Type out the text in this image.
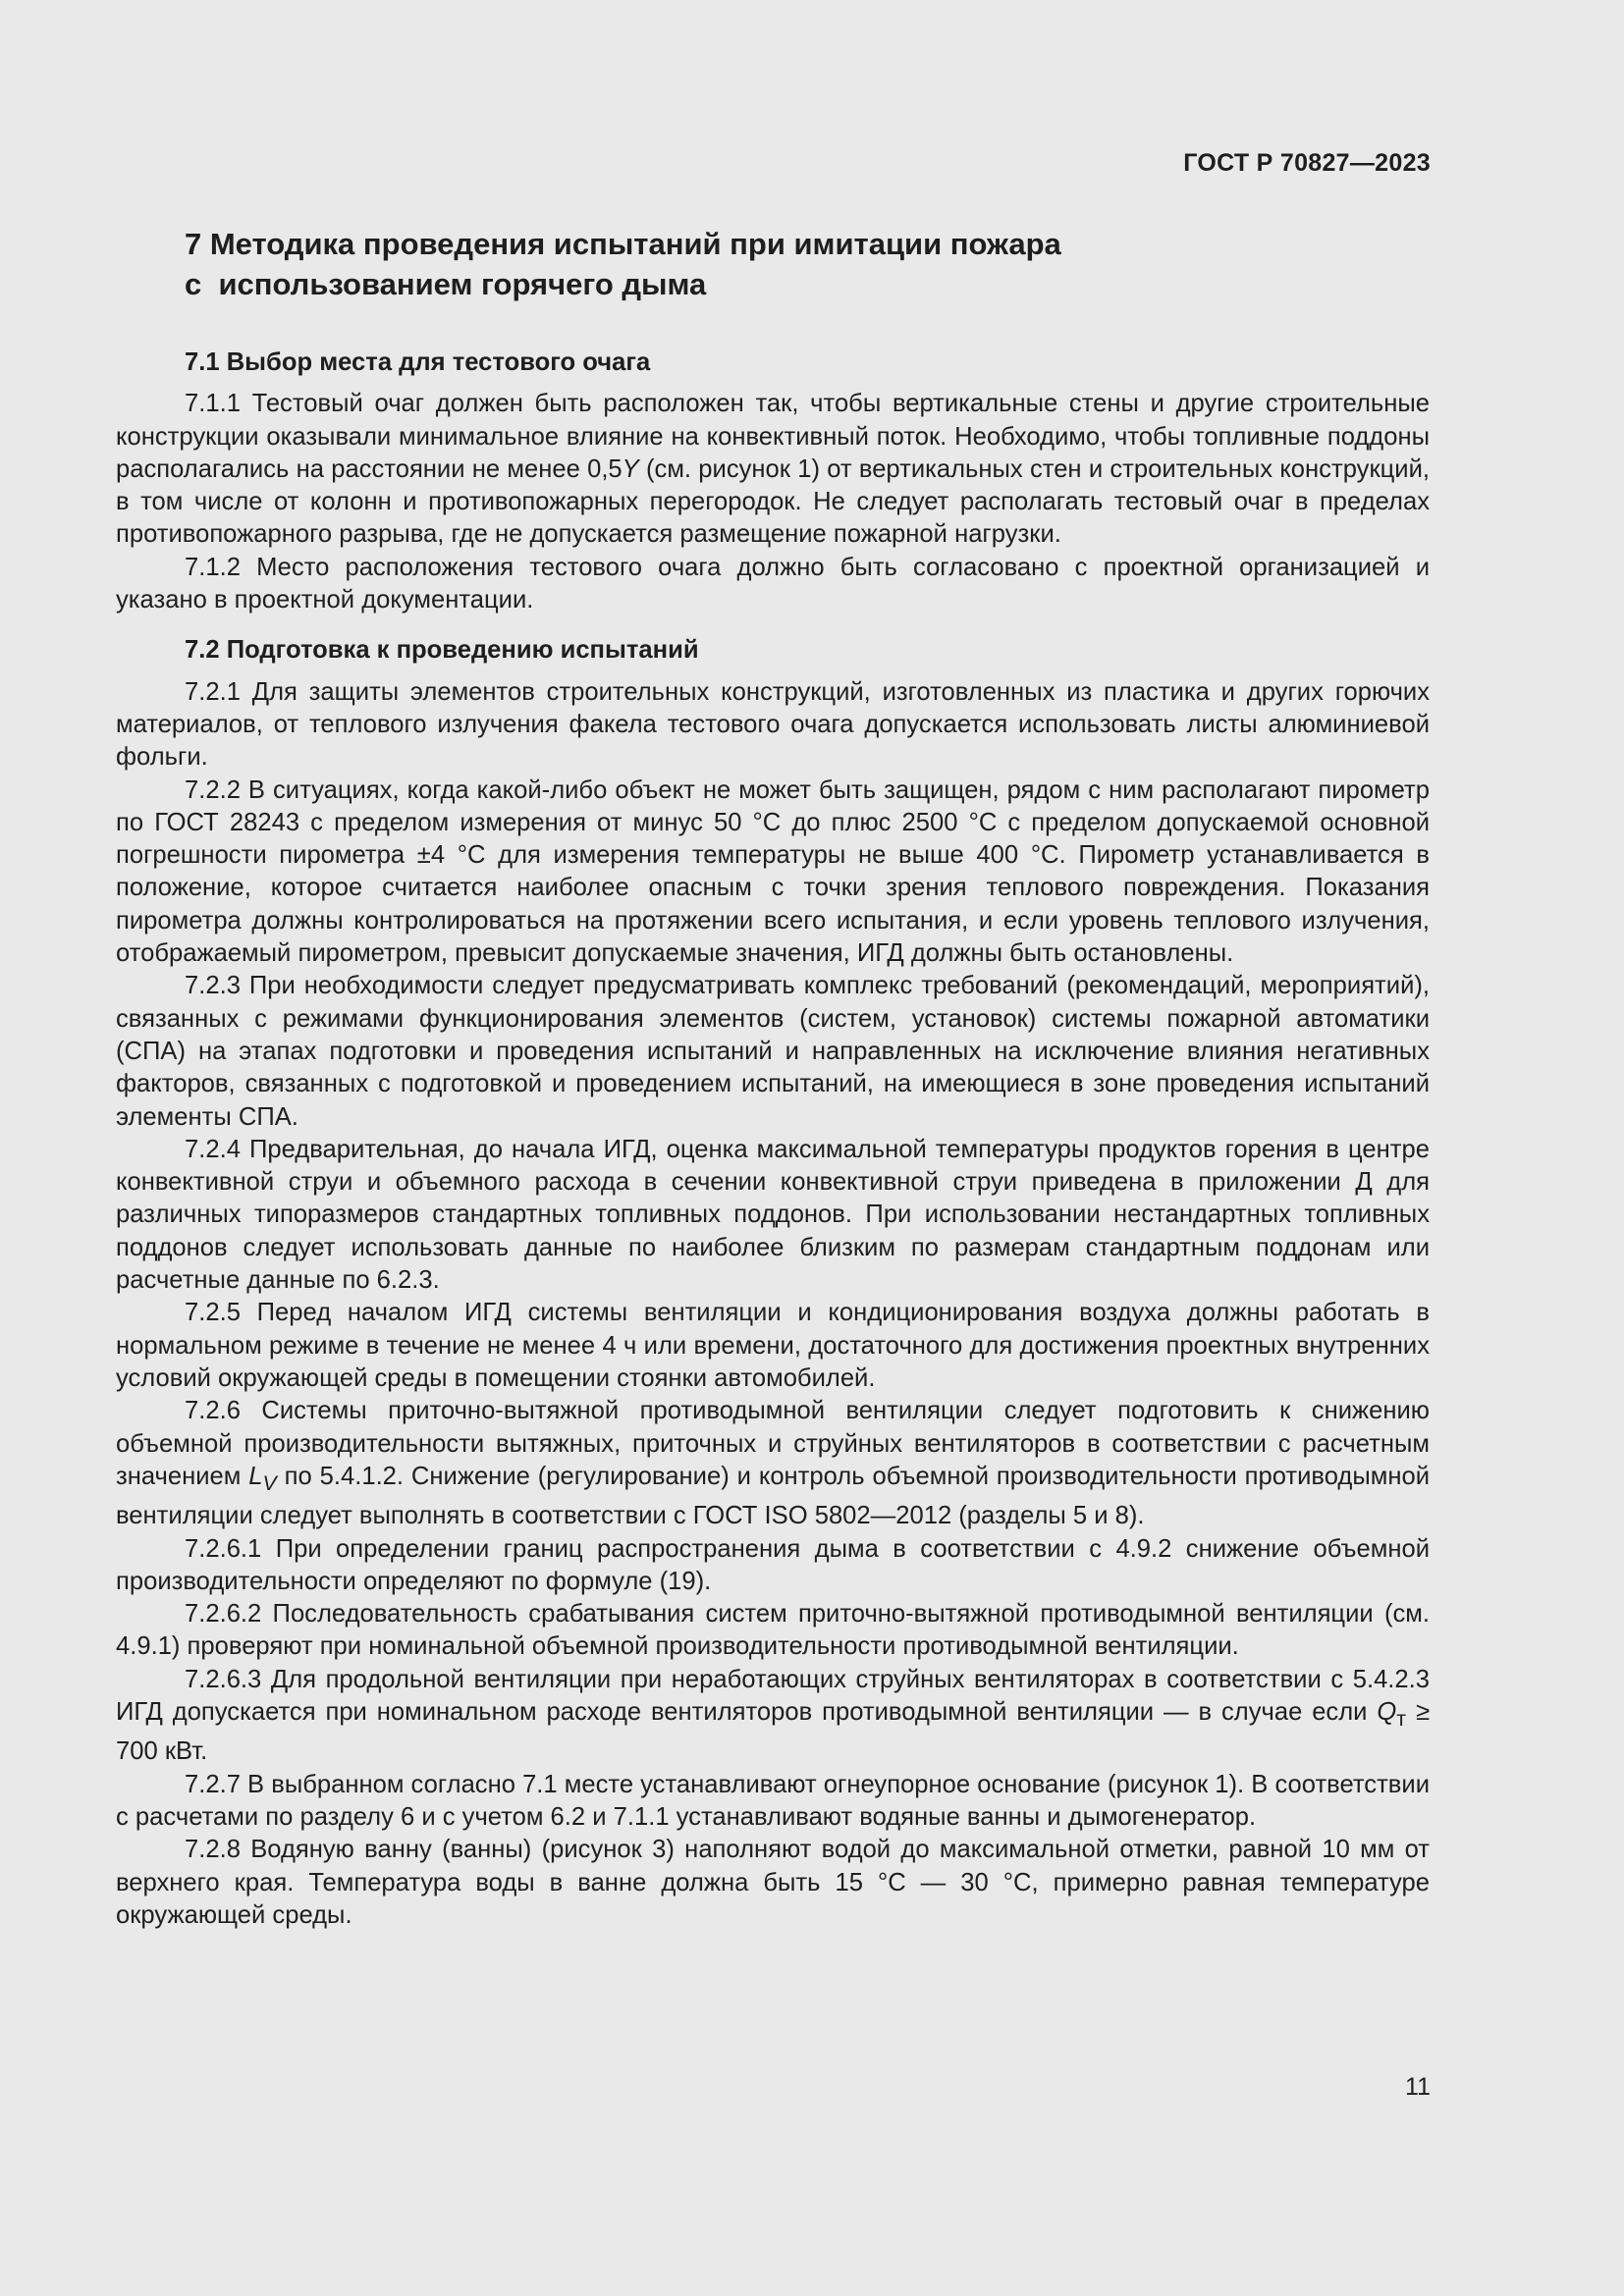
ГОСТ Р 70827—2023
7 Методика проведения испытаний при имитации пожара
с  использованием горячего дыма
7.1 Выбор места для тестового очага

7.1.1 Тестовый очаг должен быть расположен так, чтобы вертикальные стены и другие строительные конструкции оказывали минимальное влияние на конвективный поток. Необходимо, чтобы топливные поддоны располагались на расстоянии не менее 0,5Y (см. рисунок 1) от вертикальных стен и строительных конструкций, в том числе от колонн и противопожарных перегородок. Не следует располагать тестовый очаг в пределах противопожарного разрыва, где не допускается размещение пожарной нагрузки.

7.1.2 Место расположения тестового очага должно быть согласовано с проектной организацией и указано в проектной документации.

7.2 Подготовка к проведению испытаний

7.2.1 Для защиты элементов строительных конструкций, изготовленных из пластика и других горючих материалов, от теплового излучения факела тестового очага допускается использовать листы алюминиевой фольги.

7.2.2 В ситуациях, когда какой-либо объект не может быть защищен, рядом с ним располагают пирометр по ГОСТ 28243 с пределом измерения от минус 50 °С до плюс 2500 °С с пределом допускаемой основной погрешности пирометра ±4 °С для измерения температуры не выше 400 °С. Пирометр устанавливается в положение, которое считается наиболее опасным с точки зрения теплового повреждения. Показания пирометра должны контролироваться на протяжении всего испытания, и если уровень теплового излучения, отображаемый пирометром, превысит допускаемые значения, ИГД должны быть остановлены.

7.2.3 При необходимости следует предусматривать комплекс требований (рекомендаций, мероприятий), связанных с режимами функционирования элементов (систем, установок) системы пожарной автоматики (СПА) на этапах подготовки и проведения испытаний и направленных на исключение влияния негативных факторов, связанных с подготовкой и проведением испытаний, на имеющиеся в зоне проведения испытаний элементы СПА.

7.2.4 Предварительная, до начала ИГД, оценка максимальной температуры продуктов горения в центре конвективной струи и объемного расхода в сечении конвективной струи приведена в приложении Д для различных типоразмеров стандартных топливных поддонов. При использовании нестандартных топливных поддонов следует использовать данные по наиболее близким по размерам стандартным поддонам или расчетные данные по 6.2.3.

7.2.5 Перед началом ИГД системы вентиляции и кондиционирования воздуха должны работать в нормальном режиме в течение не менее 4 ч или времени, достаточного для достижения проектных внутренних условий окружающей среды в помещении стоянки автомобилей.

7.2.6 Системы приточно-вытяжной противодымной вентиляции следует подготовить к снижению объемной производительности вытяжных, приточных и струйных вентиляторов в соответствии с расчетным значением $L_V$ по 5.4.1.2. Снижение (регулирование) и контроль объемной производительности противодымной вентиляции следует выполнять в соответствии с ГОСТ ISO 5802—2012 (разделы 5 и 8).

7.2.6.1 При определении границ распространения дыма в соответствии с 4.9.2 снижение объемной производительности определяют по формуле (19).

7.2.6.2 Последовательность срабатывания систем приточно-вытяжной противодымной вентиляции (см. 4.9.1) проверяют при номинальной объемной производительности противодымной вентиляции.

7.2.6.3 Для продольной вентиляции при неработающих струйных вентиляторах в соответствии с 5.4.2.3 ИГД допускается при номинальном расходе вентиляторов противодымной вентиляции — в случае если $Q_т \ge 700$ кВт.

7.2.7 В выбранном согласно 7.1 месте устанавливают огнеупорное основание (рисунок 1). В соответствии с расчетами по разделу 6 и с учетом 6.2 и 7.1.1 устанавливают водяные ванны и дымогенератор.

7.2.8 Водяную ванну (ванны) (рисунок 3) наполняют водой до максимальной отметки, равной 10 мм от верхнего края. Температура воды в ванне должна быть 15 °С — 30 °С, примерно равная температуре окружающей среды.

11
